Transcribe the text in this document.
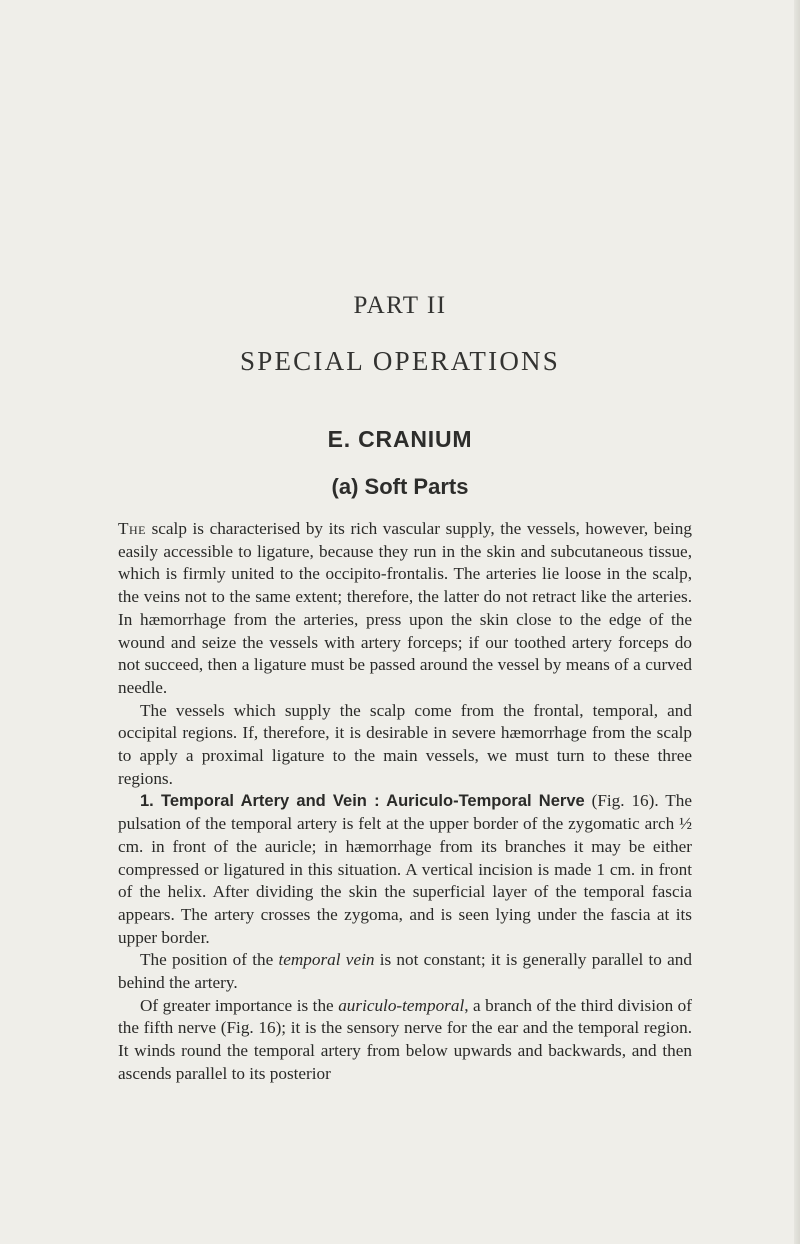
PART II
SPECIAL OPERATIONS
E. CRANIUM
(a) Soft Parts

The scalp is characterised by its rich vascular supply, the vessels, however, being easily accessible to ligature, because they run in the skin and subcutaneous tissue, which is firmly united to the occipito-frontalis. The arteries lie loose in the scalp, the veins not to the same extent; therefore, the latter do not retract like the arteries. In hæmorrhage from the arteries, press upon the skin close to the edge of the wound and seize the vessels with artery forceps; if our toothed artery forceps do not succeed, then a ligature must be passed around the vessel by means of a curved needle.

The vessels which supply the scalp come from the frontal, temporal, and occipital regions. If, therefore, it is desirable in severe hæmorrhage from the scalp to apply a proximal ligature to the main vessels, we must turn to these three regions.

1. Temporal Artery and Vein : Auriculo-Temporal Nerve (Fig. 16). The pulsation of the temporal artery is felt at the upper border of the zygomatic arch ½ cm. in front of the auricle; in hæmorrhage from its branches it may be either compressed or ligatured in this situation. A vertical incision is made 1 cm. in front of the helix. After dividing the skin the superficial layer of the temporal fascia appears. The artery crosses the zygoma, and is seen lying under the fascia at its upper border.

The position of the temporal vein is not constant; it is generally parallel to and behind the artery.

Of greater importance is the auriculo-temporal, a branch of the third division of the fifth nerve (Fig. 16); it is the sensory nerve for the ear and the temporal region. It winds round the temporal artery from below upwards and backwards, and then ascends parallel to its posterior
